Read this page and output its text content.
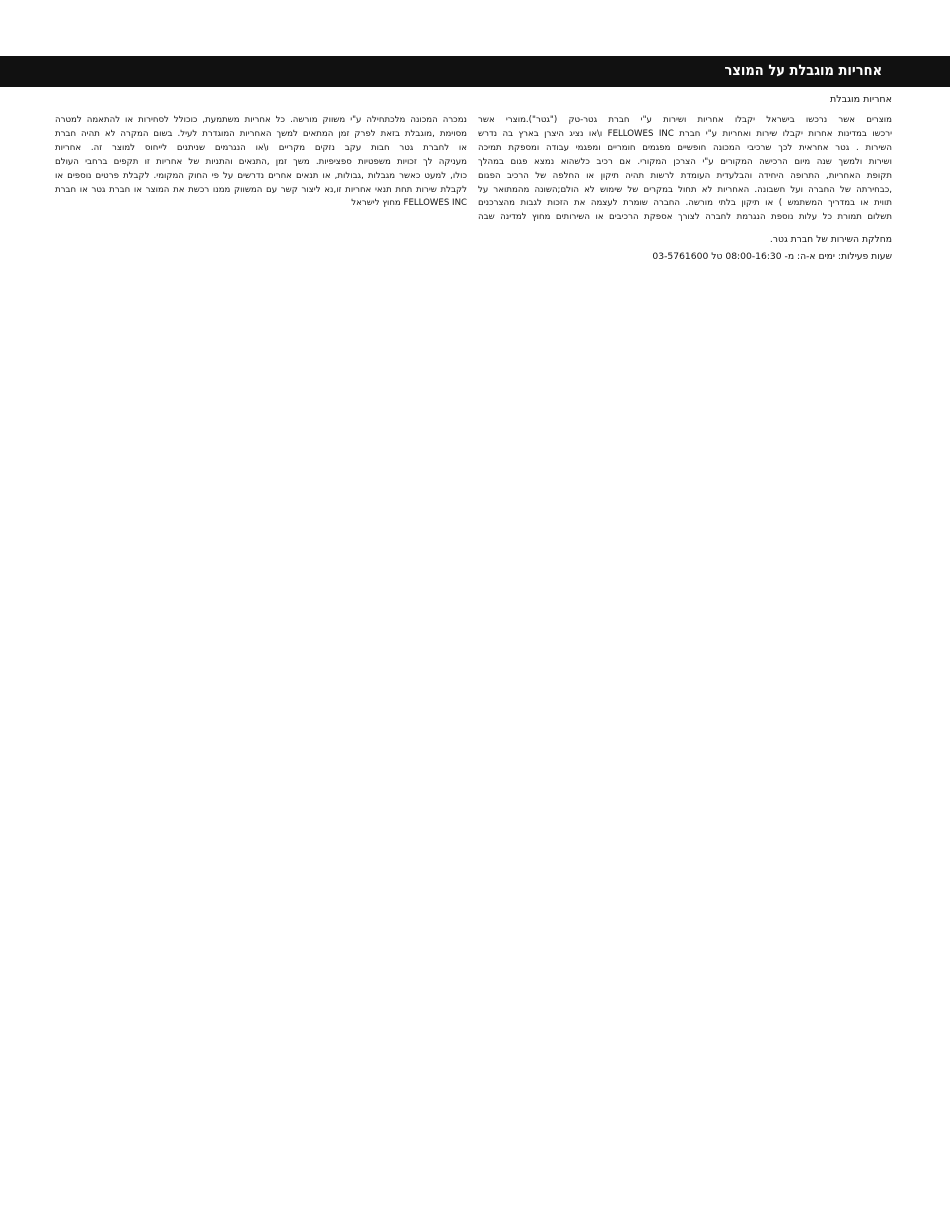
אחריות מוגבלת על המוצר
אחריות מוגבלת
מוצרים אשר נרכשו בישראל יקבלו אחריות ושירות ע"י חברת גטר-טק ("גטר").מוצרי אשר
ירכשו במדינות אחרות יקבלו שירות ואחריות ע"י חברת FELLOWES INC ו\או נציג היצרן בארץ בה נדרש
השירות . גטר אחראית לכך שרכיבי המכונה חופשיים מפגמים חומריים ומפגמי עבודה ומספקת תמיכה
ושירות ולמשך שנה מיום הרכישה המקורים ע"י הצרכן המקורי. אם רכיב כלשהוא נמצא פגום במהלך
תקופת האחריות, התרופה היחידה והבלעדית העומדת לרשות תהיה תיקון או החלפה של הרכיב הפגום
,כבחירתה של החברה ועל חשבונה. האחריות לא תחול במקרים של שימוש לא הולם;השונה מהמתואר על
תווית או במדריך המשתמש ) או תיקון בלתי מורשה. החברה שומרת לעצמה את הזכות לגבות מהצרכנים
תשלום תמורת כל עלות נוספת הנגרמת לחברה לצורך אספקת הרכיבים או השירותים מחוץ למדינה שבה
נמכרה המכונה מלכתחילה ע"י משווק מורשה. כל אחריות משתמעת, כוכולל לסחירות או להתאמה למטרה
מסוימת ,מוגבלת בזאת לפרק זמן המתאים למשך האחריות המוגדרת לעיל. בשום המקרה לא תהיה חברת
או לחברת גטר חבות עקב נזקים מקריים ו\או הנגרמים שניתנים לייחוס למוצר זה. אחריות
מעניקה לך זכויות משפטיות ספציפיות. משך זמן ,התנאים והתניות של אחריות זו תקפים ברחבי העולם
כולו, למעט כאשר מגבלות ,גבולות, או תנאים אחרים נדרשים על פי החוק המקומי. לקבלת פרטים נוספים או
לקבלת שירות תחת תנאי אחריות זו,נא ליצור קשר עם המשווק ממנו רכשת את המוצר או חברת גטר או חברת
FELLOWES INC מחוץ לישראל
מחלקת השירות של חברת גטר.
שעות פעילות: ימים א-ה: מ- 08:00-16:30 טל 03-5761600
